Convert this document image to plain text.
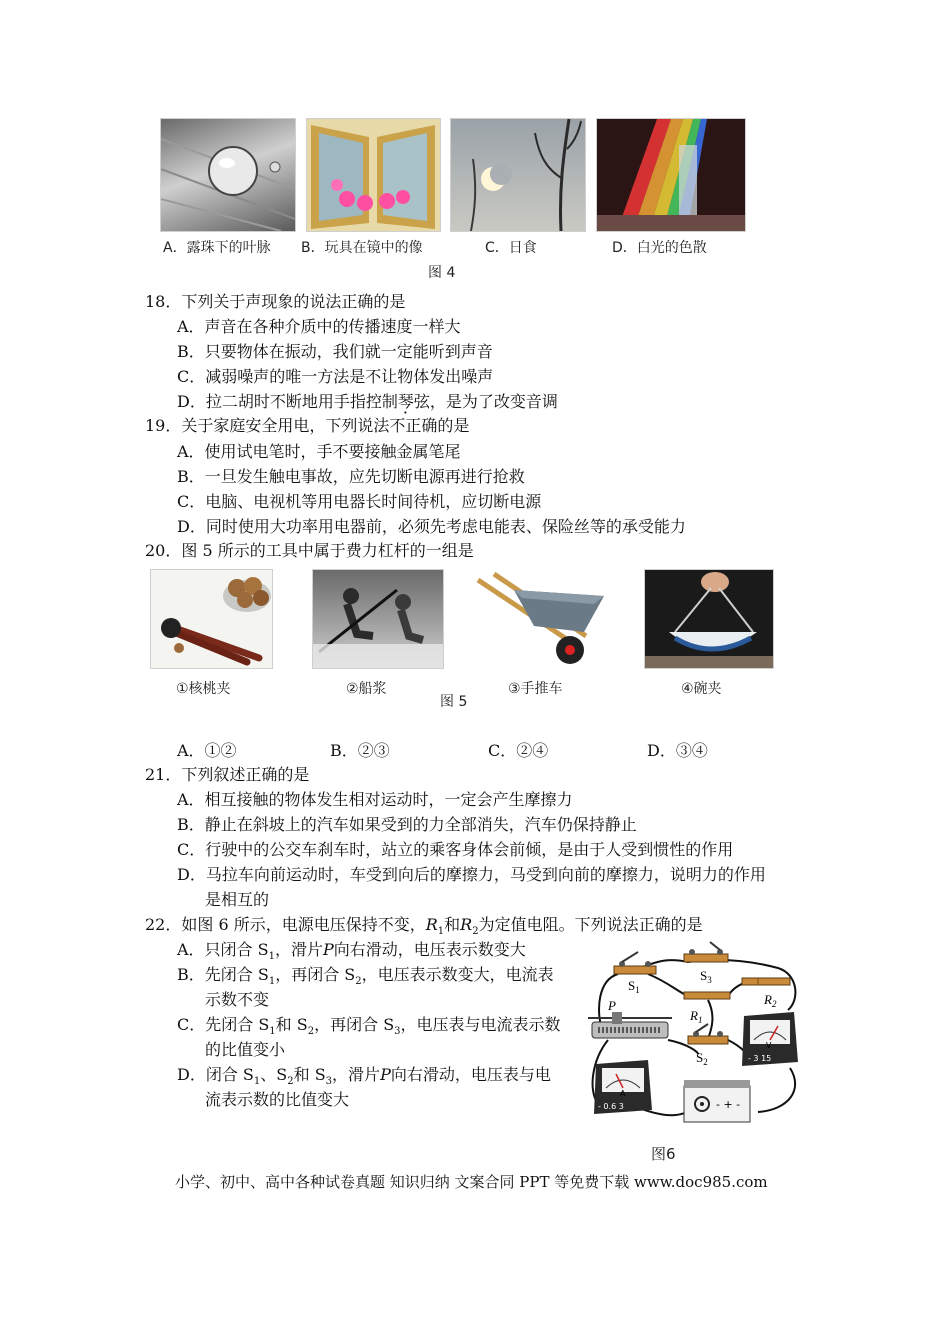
A．露珠下的叶脉 B．玩具在镜中的像	C．日食	D．白光的色散
图 4
18．下列关于声现象的说法正确的是
A．声音在各种介质中的传播速度一样大
B．只要物体在振动，我们就一定能听到声音
C．减弱噪声的唯一方法是不让物体发出噪声
D．拉二胡时不断地用手指控制琴弦，是为了改变音调
19．关于家庭安全用电，下列说法不正确的是
A．使用试电笔时，手不要接触金属笔尾
B．一旦发生触电事故，应先切断电源再进行抢救
C．电脑、电视机等用电器长时间待机，应切断电源
D．同时使用大功率用电器前，必须先考虑电能表、保险丝等的承受能力
20．图 5 所示的工具中属于费力杠杆的一组是
①核桃夹	②船浆	③手推车	④碗夹
图 5
A．①②	B．②③	C．②④	D．③④
21．下列叙述正确的是
A．相互接触的物体发生相对运动时，一定会产生摩擦力
B．静止在斜坡上的汽车如果受到的力全部消失，汽车仍保持静止
C．行驶中的公交车刹车时，站立的乘客身体会前倾，是由于人受到惯性的作用
D．马拉车向前运动时，车受到向后的摩擦力，马受到向前的摩擦力，说明力的作用
是相互的
22．如图 6 所示，电源电压保持不变，$R_1$和$R_2$为定值电阻。下列说法正确的是
A．只闭合 $S_1$，滑片P向右滑动，电压表示数变大
B．先闭合 $S_1$，再闭合 $S_2$，电压表示数变大，电流表
示数不变
C．先闭合 $S_1$和 $S_2$，再闭合 $S_3$，电压表与电流表示数
的比值变小
D．闭合 $S_1$、$S_2$和 $S_3$，滑片P向右滑动，电压表与电
流表示数的比值变大
$S_1$
$S_3$
$R_2$
$R_1$
P
$S_2$
V
- 3 15
A
- 0.6 3	- + -
图6
小学、初中、高中各种试卷真题 知识归纳 文案合同 PPT 等免费下载 www.doc985.com
